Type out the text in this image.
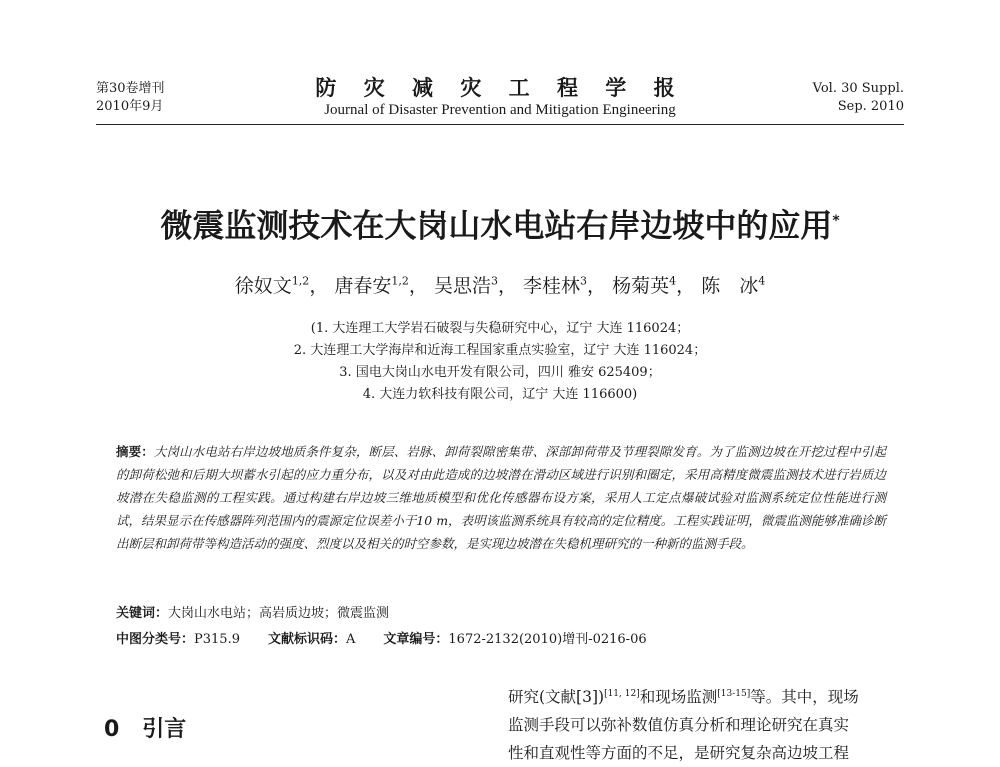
第30卷增刊
2010年9月
防 灾 减 灾 工 程 学 报
Journal of Disaster Prevention and Mitigation Engineering
Vol. 30 Suppl.
Sep. 2010
微震监测技术在大岗山水电站右岸边坡中的应用*
徐奴文$^{1,2}$， 唐春安$^{1,2}$， 吴思浩$^3$， 李桂林$^3$， 杨菊英$^4$， 陈　冰$^4$
(1. 大连理工大学岩石破裂与失稳研究中心，辽宁 大连 116024；
2. 大连理工大学海岸和近海工程国家重点实验室，辽宁 大连 116024；
3. 国电大岗山水电开发有限公司，四川 雅安 625409；
4. 大连力软科技有限公司，辽宁 大连 116600)
摘要：大岗山水电站右岸边坡地质条件复杂，断层、岩脉、卸荷裂隙密集带、深部卸荷带及节理裂隙发育。为了监测边坡在开挖过程中引起的卸荷松弛和后期大坝蓄水引起的应力重分布，以及对由此造成的边坡潜在滑动区域进行识别和圈定，采用高精度微震监测技术进行岩质边坡潜在失稳监测的工程实践。通过构建右岸边坡三维地质模型和优化传感器布设方案，采用人工定点爆破试验对监测系统定位性能进行测试，结果显示在传感器阵列范围内的震源定位误差小于10 m，表明该监测系统具有较高的定位精度。工程实践证明，微震监测能够准确诊断出断层和卸荷带等构造活动的强度、烈度以及相关的时空参数，是实现边坡潜在失稳机理研究的一种新的监测手段。
关键词：大岗山水电站；高岩质边坡；微震监测
中图分类号：P315.9 文献标识码：A 文章编号：1672-2132(2010)增刊-0216-06
0 引言
研究(文献[3])[11, 12]和现场监测[13-15]等。其中，现场
监测手段可以弥补数值仿真分析和理论研究在真实
性和直观性等方面的不足，是研究复杂高边坡工程
